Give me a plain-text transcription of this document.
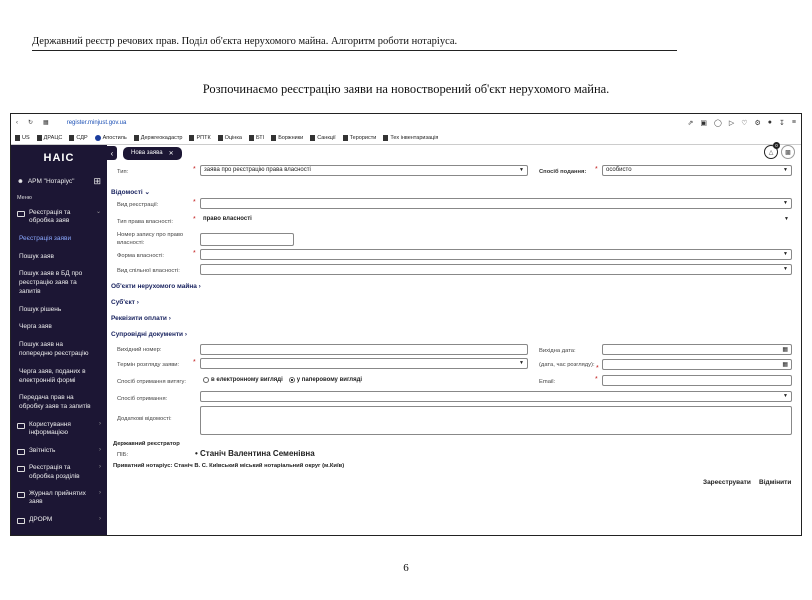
Державний реєстр речових прав. Поділ об'єкта нерухомого майна. Алгоритм роботи нотаріуса.
Розпочинаємо реєстрацію заяви на новостворений об'єкт нерухомого майна.
‹ ↻ ▦	register.minjust.gov.ua	⇗ ▣ ◯ ▷ ♡ ⚙ ● ↧ ≡
US	ДРАЦС	СДР	Апостиль	Держгеокадастр	РПТК	Оцінка	БТІ	Боржники	Санкції	Терористи	Тех інвентаризація
НАІС
☻ АРМ "Нотаріус" ⊞
Меню
Реєстрація та обробка заяв
⌄
Реєстрація заяви
Пошук заяв
Пошук заяв в БД про реєстрацію заяв та запитів
Пошук рішень
Черга заяв
Пошук заяв на попередню реєстрацію
Черга заяв, поданих в електронній формі
Передача прав на обробку заяв та запитів
Користування інформацією
›
Звітність	›
Реєстрація та обробка розділів
›
Журнал прийнятих заяв
›
ДРОРМ	›
‹	Нова заява ✕	△
0
▩
Тип:	*	заява про реєстрацію права власності	▼	Спосіб подання: *	особисто	▼
Відомості ⌄
Вид реєстрації:	*	▼
Тип права власності:	*	право власності	▼
Номер запису про право власності:
Форма власності:	*	▼
Вид спільної власності:	▼
Об'єкти нерухомого майна ›
Суб'єкт ›
Реквізити оплати ›
Супровідні документи ›
Вихідний номер:	Вихідна дата:	▦
Термін розгляду заяви: *	▼	(дата, час розгляду): *	▦
Спосіб отримання витягу:	в електронному вигляді у паперовому вигляді	Email:	*
Спосіб отримання:	▼
Додаткові відомості:
Державний реєстратор
ПІБ:	• Станіч Валентина Семенівна
Приватний нотаріус: Станіч В. С. Київський міський нотаріальний округ (м.Київ)
Зареєструвати Відмінити
6
